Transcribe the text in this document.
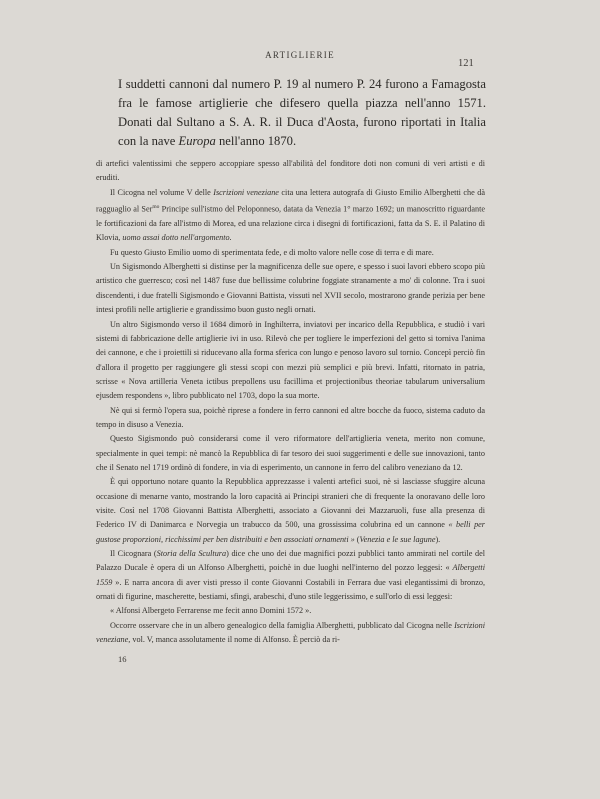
ARTIGLIERIE
121

I suddetti cannoni dal numero P. 19 al numero P. 24 furono a Famagosta fra le famose artiglierie che difesero quella piazza nell'anno 1571. Donati dal Sultano a S. A. R. il Duca d'Aosta, furono riportati in Italia con la nave Europa nell'anno 1870.

di artefici valentissimi che seppero accoppiare spesso all'abilità del fonditore doti non comuni di veri artisti e di eruditi.

Il Cicogna nel volume V delle Iscrizioni veneziane cita una lettera autografa di Giusto Emilio Alberghetti che dà ragguaglio al Ser$^{mo}$ Principe sull'istmo del Peloponneso, datata da Venezia 1° marzo 1692; un manoscritto riguardante le fortificazioni da fare all'istmo di Morea, ed una relazione circa i disegni di fortificazioni, fatta da S. E. il Palatino di Klovia, uomo assai dotto nell'argomento.

Fu questo Giusto Emilio uomo di sperimentata fede, e di molto valore nelle cose di terra e di mare.

Un Sigismondo Alberghetti si distinse per la magnificenza delle sue opere, e spesso i suoi lavori ebbero scopo più artistico che guerresco; così nel 1487 fuse due bellissime colubrine foggiate stranamente a mo' di colonne. Tra i suoi discendenti, i due fratelli Sigismondo e Giovanni Battista, vissuti nel XVII secolo, mostrarono grande perizia per bene intesi profili nelle artiglierie e grandissimo buon gusto negli ornati.

Un altro Sigismondo verso il 1684 dimorò in Inghilterra, inviatovi per incarico della Repubblica, e studiò i vari sistemi di fabbricazione delle artiglierie ivi in uso. Rilevò che per togliere le imperfezioni del getto si torniva l'anima dei cannone, e che i proiettili si riducevano alla forma sferica con lungo e penoso lavoro sul tornio. Concepì perciò fin d'allora il progetto per raggiungere gli stessi scopi con mezzi più semplici e più brevi. Infatti, ritornato in patria, scrisse « Nova artilleria Veneta ictibus prepollens usu facillima et projectionibus theoriae tabularum universalium ejusdem respondens », libro pubblicato nel 1703, dopo la sua morte.

Nè qui si fermò l'opera sua, poichè riprese a fondere in ferro cannoni ed altre bocche da fuoco, sistema caduto da tempo in disuso a Venezia.

Questo Sigismondo può considerarsi come il vero riformatore dell'artiglieria veneta, merito non comune, specialmente in quei tempi: nè mancò la Repubblica di far tesoro dei suoi suggerimenti e delle sue innovazioni, tanto che il Senato nel 1719 ordinò di fondere, in via di esperimento, un cannone in ferro del calibro veneziano da 12.

È qui opportuno notare quanto la Repubblica apprezzasse i valenti artefici suoi, nè si lasciasse sfuggire alcuna occasione di menarne vanto, mostrando la loro capacità ai Principi stranieri che di frequente la onoravano delle loro visite. Così nel 1708 Giovanni Battista Alberghetti, associato a Giovanni dei Mazzaruoli, fuse alla presenza di Federico IV di Danimarca e Norvegia un trabucco da 500, una grossissima colubrina ed un cannone « belli per gustose proporzioni, ricchissimi per ben distribuiti e ben associati ornamenti » (Venezia e le sue lagune).

Il Cicognara (Storia della Scultura) dice che uno dei due magnifici pozzi pubblici tanto ammirati nel cortile del Palazzo Ducale è opera di un Alfonso Alberghetti, poichè in due luoghi nell'interno del pozzo leggesi: « Albergetti 1559 ». E narra ancora di aver visti presso il conte Giovanni Costabili in Ferrara due vasi elegantissimi di bronzo, ornati di figurine, mascherette, bestiami, sfingi, arabeschi, d'uno stile leggerissimo, e sull'orlo di essi leggesi:

« Alfonsi Albergeto Ferrarense me fecit anno Domini 1572 ».

Occorre osservare che in un albero genealogico della famiglia Alberghetti, pubblicato dal Cicogna nelle Iscrizioni veneziane, vol. V, manca assolutamente il nome di Alfonso. È perciò da ri-

16
